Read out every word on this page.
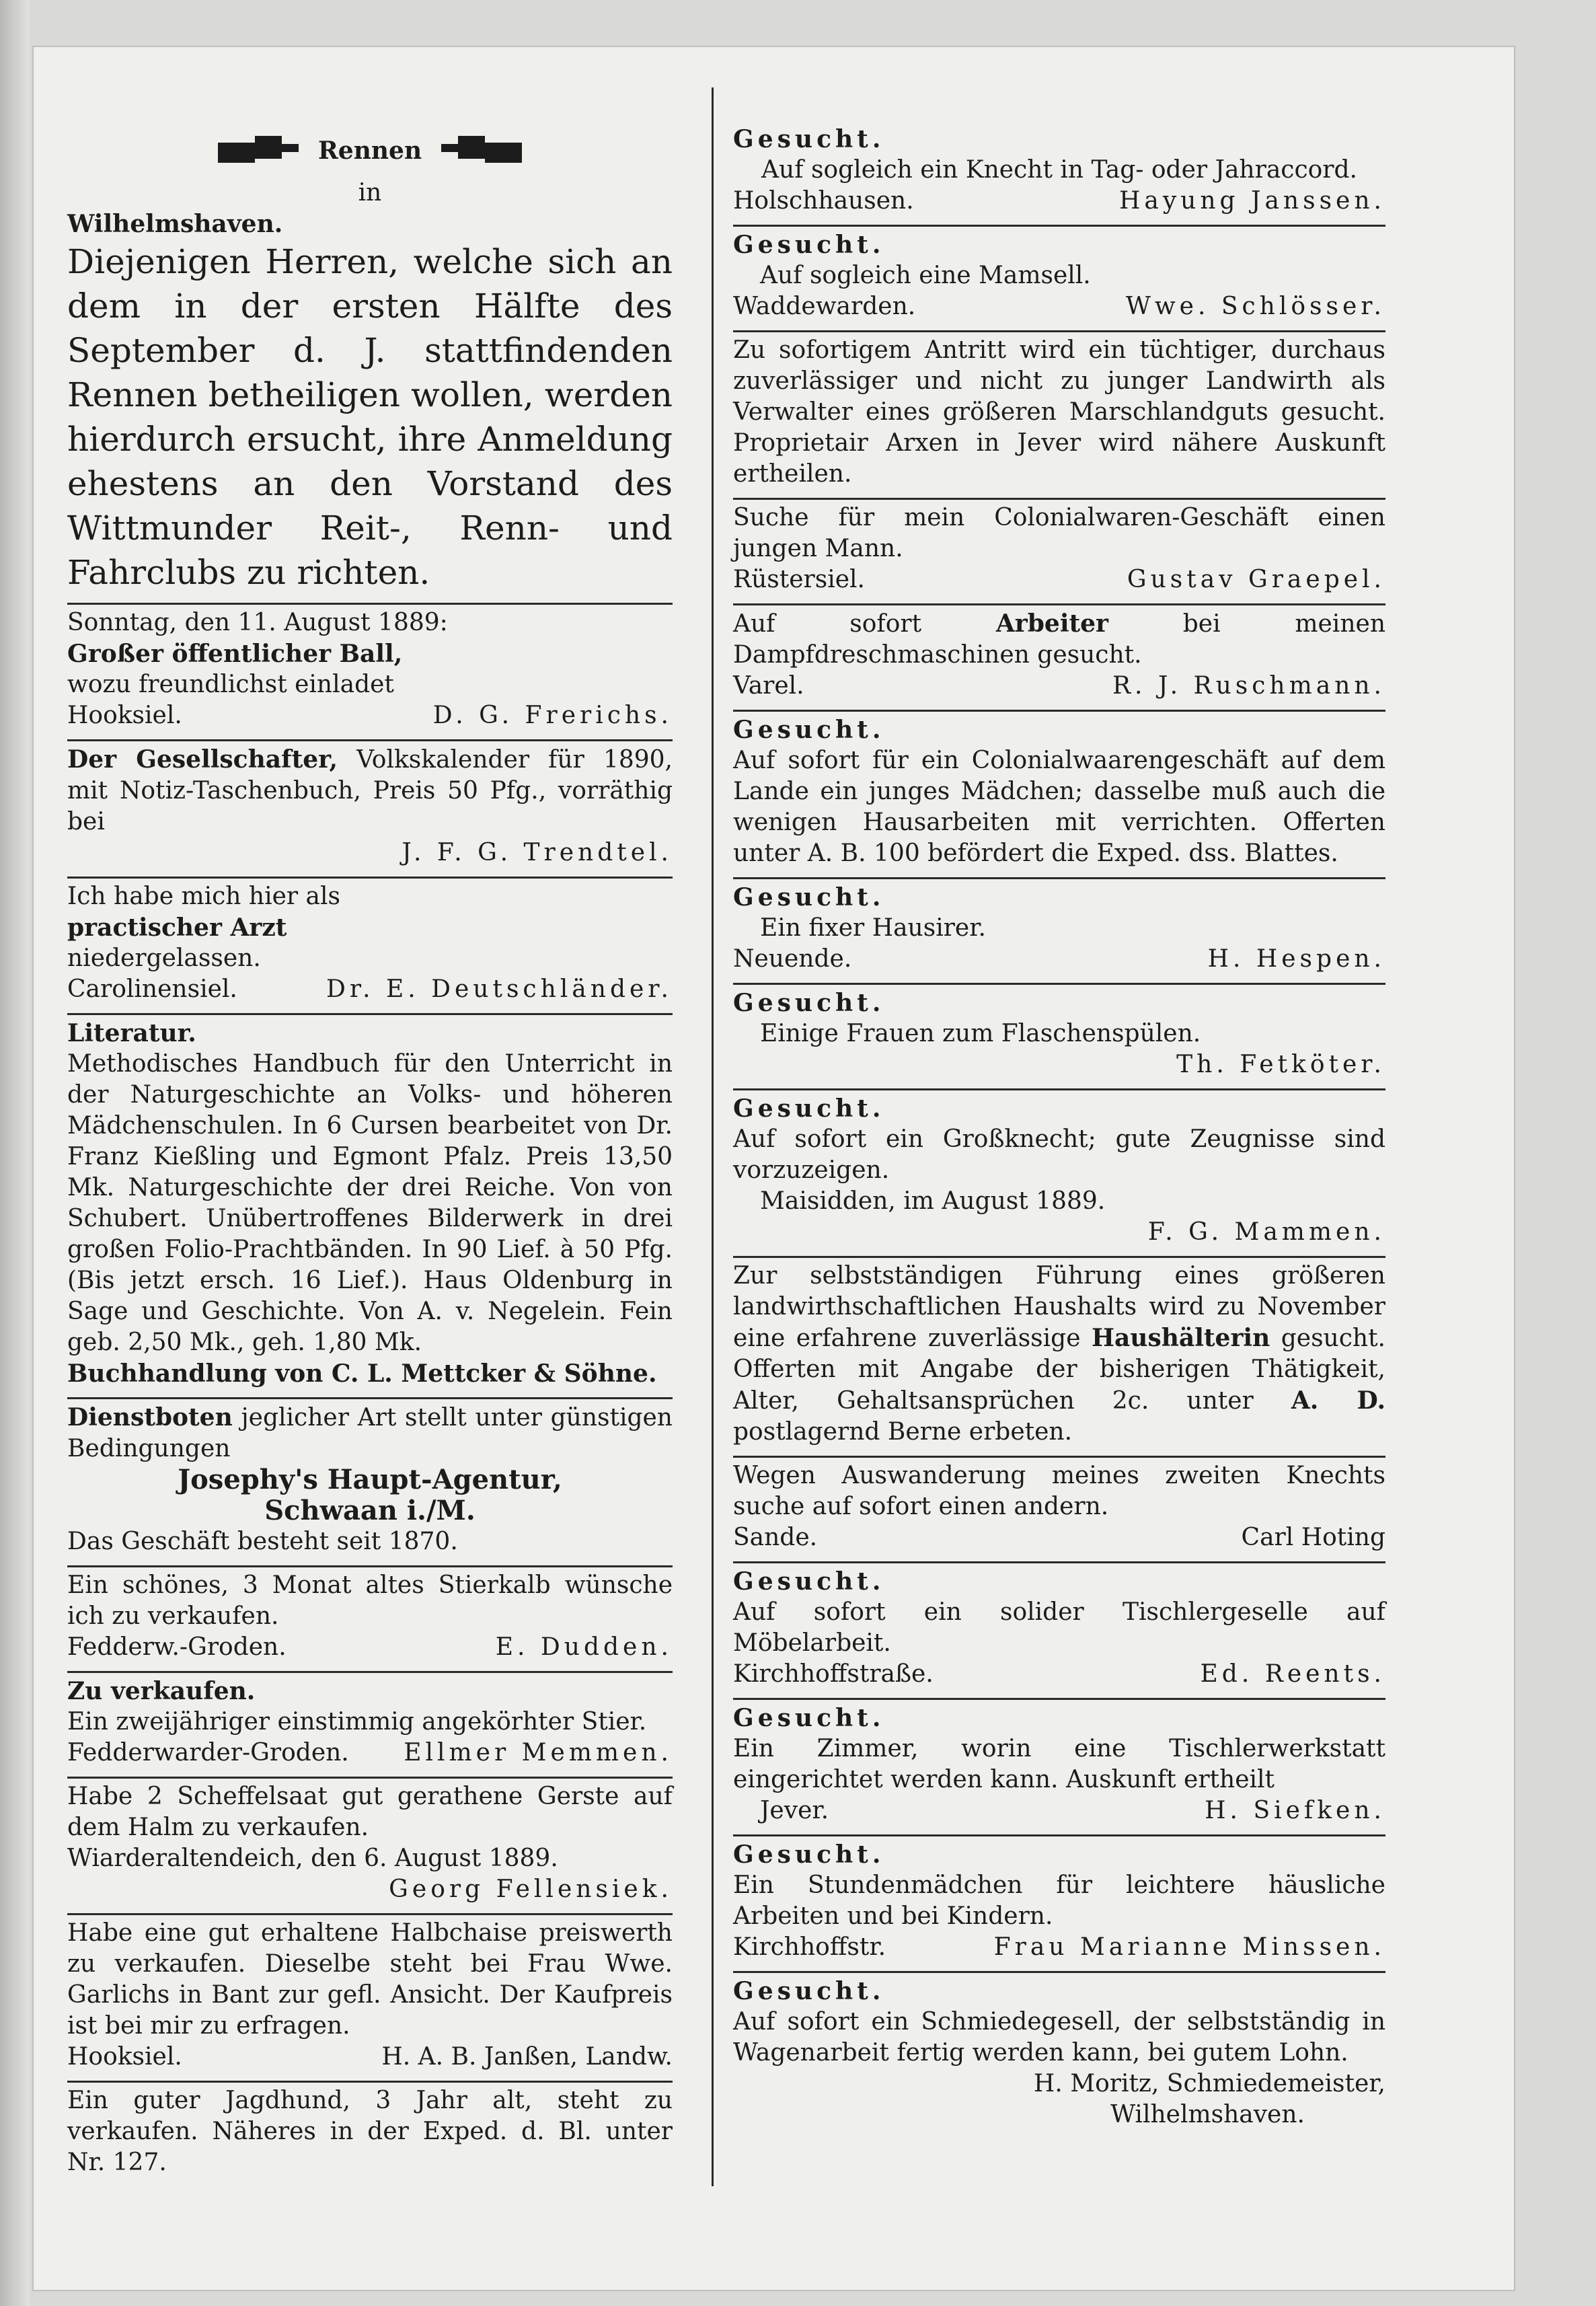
Rennen

in

Wilhelmshaven.

Diejenigen Herren, welche sich an dem in der ersten Hälfte des September d. J. stattfindenden Rennen betheiligen wollen, werden hierdurch ersucht, ihre Anmeldung ehestens an den Vorstand des Wittmunder Reit-, Renn- und Fahrclubs zu richten.

Sonntag, den 11. August 1889:

Großer öffentlicher Ball,

wozu freundlichst einladet

Hooksiel.	D. G. Frerichs.

Der Gesellschafter, Volkskalender für 1890, mit Notiz-Taschenbuch, Preis 50 Pfg., vorräthig bei

J. F. G. Trendtel.

Ich habe mich hier als

practischer Arzt

niedergelassen.

Carolinensiel.	Dr. E. Deutschländer.

Literatur.

Methodisches Handbuch für den Unterricht in der Naturgeschichte an Volks- und höheren Mädchenschulen. In 6 Cursen bearbeitet von Dr. Franz Kießling und Egmont Pfalz. Preis 13,50 Mk. Naturgeschichte der drei Reiche. Von von Schubert. Unübertroffenes Bilderwerk in drei großen Folio-Prachtbänden. In 90 Lief. à 50 Pfg. (Bis jetzt ersch. 16 Lief.). Haus Oldenburg in Sage und Geschichte. Von A. v. Negelein. Fein geb. 2,50 Mk., geh. 1,80 Mk.

Buchhandlung von C. L. Mettcker & Söhne.

Dienstboten jeglicher Art stellt unter günstigen Bedingungen

Josephy's Haupt-Agentur,

Schwaan i./M.

Das Geschäft besteht seit 1870.

Ein schönes, 3 Monat altes Stierkalb wünsche ich zu verkaufen.

Fedderw.-Groden.	E. Dudden.

Zu verkaufen.

Ein zweijähriger einstimmig angekörhter Stier.

Fedderwarder-Groden. Ellmer Memmen.

Habe 2 Scheffelsaat gut gerathene Gerste auf dem Halm zu verkaufen.

Wiarderaltendeich, den 6. August 1889.

Georg Fellensiek.

Habe eine gut erhaltene Halbchaise preiswerth zu verkaufen. Dieselbe steht bei Frau Wwe. Garlichs in Bant zur gefl. Ansicht. Der Kaufpreis ist bei mir zu erfragen.

Hooksiel.	H. A. B. Janßen, Landw.

Ein guter Jagdhund, 3 Jahr alt, steht zu verkaufen. Näheres in der Exped. d. Bl. unter Nr. 127.

Gesucht.

Auf sogleich ein Knecht in Tag- oder Jahraccord.

Holschhausen.	Hayung Janssen.

Gesucht.

Auf sogleich eine Mamsell.

Waddewarden.	Wwe. Schlösser.

Zu sofortigem Antritt wird ein tüchtiger, durchaus zuverlässiger und nicht zu junger Landwirth als Verwalter eines größeren Marschlandguts gesucht. Proprietair Arxen in Jever wird nähere Auskunft ertheilen.

Suche für mein Colonialwaren-Geschäft einen jungen Mann.

Rüstersiel.	Gustav Graepel.

Auf sofort Arbeiter bei meinen Dampfdreschmaschinen gesucht.

Varel.	R. J. Ruschmann.

Gesucht.

Auf sofort für ein Colonialwaarengeschäft auf dem Lande ein junges Mädchen; dasselbe muß auch die wenigen Hausarbeiten mit verrichten. Offerten unter A. B. 100 befördert die Exped. dss. Blattes.

Gesucht.

Ein fixer Hausirer.

Neuende.	H. Hespen.

Gesucht.

Einige Frauen zum Flaschenspülen.

Th. Fetköter.

Gesucht.

Auf sofort ein Großknecht; gute Zeugnisse sind vorzuzeigen.

Maisidden, im August 1889.

F. G. Mammen.

Zur selbstständigen Führung eines größeren landwirthschaftlichen Haushalts wird zu November eine erfahrene zuverlässige Haushälterin gesucht. Offerten mit Angabe der bisherigen Thätigkeit, Alter, Gehaltsansprüchen 2c. unter A. D. postlagernd Berne erbeten.

Wegen Auswanderung meines zweiten Knechts suche auf sofort einen andern.

Sande.	Carl Hoting

Gesucht.

Auf sofort ein solider Tischlergeselle auf Möbelarbeit.

Kirchhoffstraße.	Ed. Reents.

Gesucht.

Ein Zimmer, worin eine Tischlerwerkstatt eingerichtet werden kann. Auskunft ertheilt

Jever.	H. Siefken.

Gesucht.

Ein Stundenmädchen für leichtere häusliche Arbeiten und bei Kindern.

Kirchhoffstr.	Frau Marianne Minssen.

Gesucht.

Auf sofort ein Schmiedegesell, der selbstständig in Wagenarbeit fertig werden kann, bei gutem Lohn.

H. Moritz, Schmiedemeister,

Wilhelmshaven.
